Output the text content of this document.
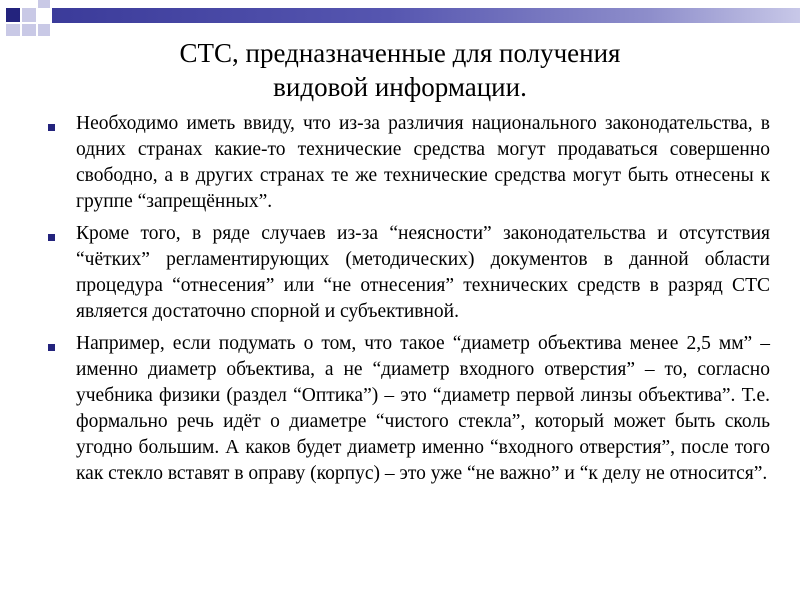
СТС, предназначенные для получения
видовой информации.
Необходимо иметь ввиду, что из-за различия национального законодательства, в одних странах какие-то технические средства могут продаваться совершенно свободно, а в других странах те же технические средства могут быть отнесены к группе “запрещённых”.
Кроме того, в ряде случаев из-за “неясности” законодательства и отсутствия “чётких” регламентирующих (методических) документов в данной области процедура “отнесения” или “не отнесения” технических средств в разряд СТС является достаточно спорной и субъективной.
Например, если подумать о том, что такое “диаметр объектива менее 2,5 мм” – именно диаметр объектива, а не “диаметр входного отверстия” – то, согласно учебника физики (раздел “Оптика”) – это “диаметр первой линзы объектива”. Т.е. формально речь идёт о диаметре “чистого стекла”, который может быть сколь угодно большим. А каков будет диаметр именно “входного отверстия”, после того как стекло вставят в оправу (корпус) – это уже “не важно” и “к делу не относится”.
